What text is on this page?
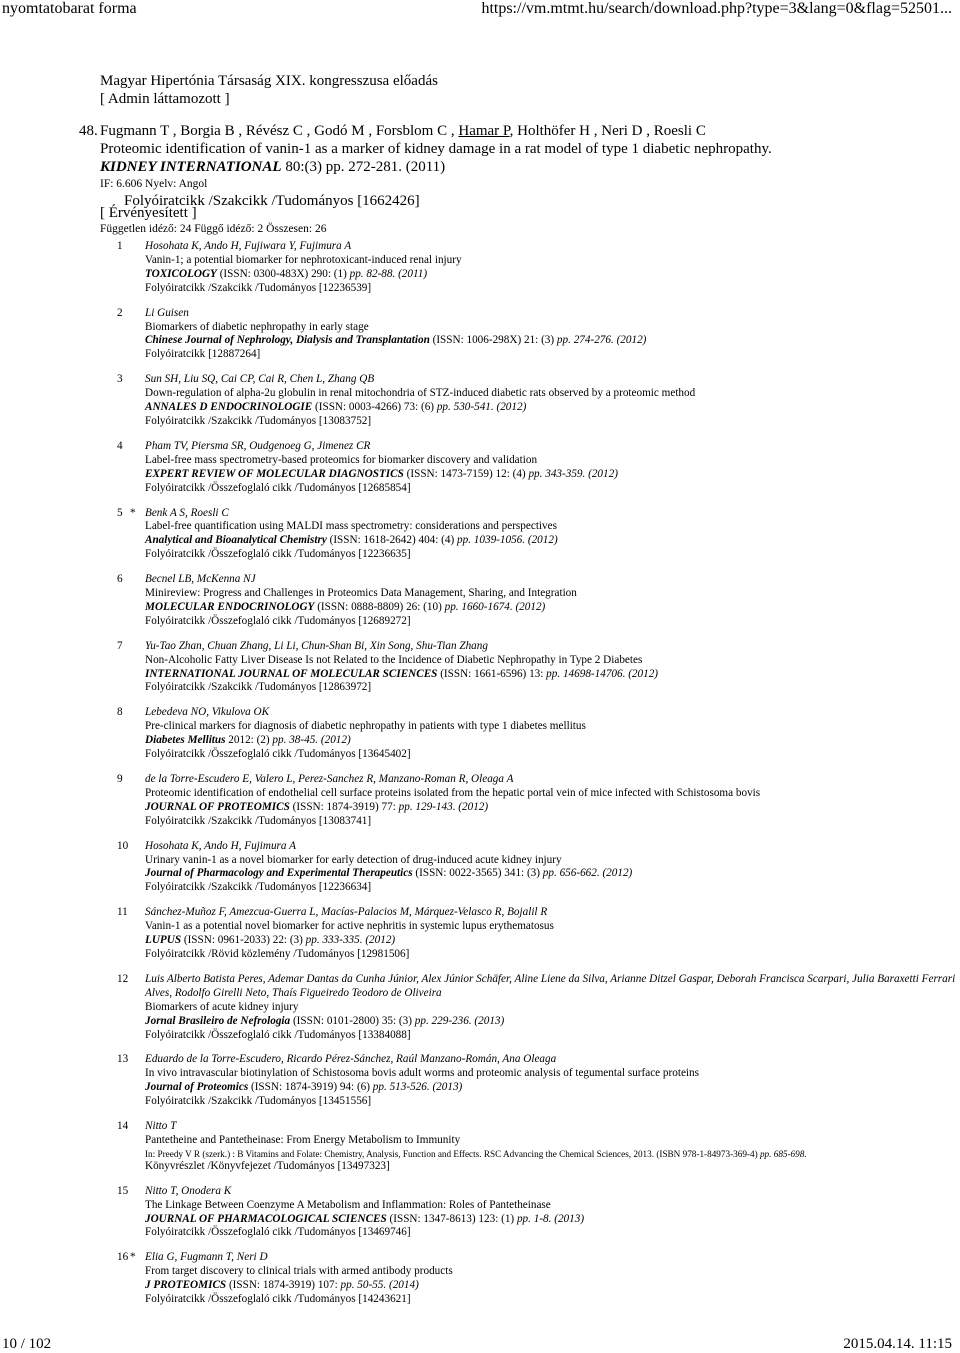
nyomtatobarat forma	https://vm.mtmt.hu/search/download.php?type=3&lang=0&flag=52501...
Magyar Hipertónia Társaság XIX. kongresszusa előadás
[ Admin láttamozott ]
48. Fugmann T , Borgia B , Révész C , Godó M , Forsblom C , Hamar P, Holthöfer H , Neri D , Roesli C
Proteomic identification of vanin-1 as a marker of kidney damage in a rat model of type 1 diabetic nephropathy.
KIDNEY INTERNATIONAL 80:(3) pp. 272-281. (2011)
IF: 6.606 Nyelv: Angol
Folyóiratcikk /Szakcikk /Tudományos [1662426]
[ Érvényesített ]
Független idéző: 24 Függő idéző: 2 Összesen: 26
1	Hosohata K, Ando H, Fujiwara Y, Fujimura A
Vanin-1; a potential biomarker for nephrotoxicant-induced renal injury
TOXICOLOGY (ISSN: 0300-483X) 290: (1) pp. 82-88. (2011)
Folyóiratcikk /Szakcikk /Tudományos [12236539]
2	Li Guisen
Biomarkers of diabetic nephropathy in early stage
Chinese Journal of Nephrology, Dialysis and Transplantation (ISSN: 1006-298X) 21: (3) pp. 274-276. (2012)
Folyóiratcikk [12887264]
3	Sun SH, Liu SQ, Cai CP, Cai R, Chen L, Zhang QB
Down-regulation of alpha-2u globulin in renal mitochondria of STZ-induced diabetic rats observed by a proteomic method
ANNALES D ENDOCRINOLOGIE (ISSN: 0003-4266) 73: (6) pp. 530-541. (2012)
Folyóiratcikk /Szakcikk /Tudományos [13083752]
4	Pham TV, Piersma SR, Oudgenoeg G, Jimenez CR
Label-free mass spectrometry-based proteomics for biomarker discovery and validation
EXPERT REVIEW OF MOLECULAR DIAGNOSTICS (ISSN: 1473-7159) 12: (4) pp. 343-359. (2012)
Folyóiratcikk /Összefoglaló cikk /Tudományos [12685854]
5 * Benk A S, Roesli C
Label-free quantification using MALDI mass spectrometry: considerations and perspectives
Analytical and Bioanalytical Chemistry (ISSN: 1618-2642) 404: (4) pp. 1039-1056. (2012)
Folyóiratcikk /Összefoglaló cikk /Tudományos [12236635]
6	Becnel LB, McKenna NJ
Minireview: Progress and Challenges in Proteomics Data Management, Sharing, and Integration
MOLECULAR ENDOCRINOLOGY (ISSN: 0888-8809) 26: (10) pp. 1660-1674. (2012)
Folyóiratcikk /Összefoglaló cikk /Tudományos [12689272]
7	Yu-Tao Zhan, Chuan Zhang, Li Li, Chun-Shan Bi, Xin Song, Shu-Tian Zhang
Non-Alcoholic Fatty Liver Disease Is not Related to the Incidence of Diabetic Nephropathy in Type 2 Diabetes
INTERNATIONAL JOURNAL OF MOLECULAR SCIENCES (ISSN: 1661-6596) 13: pp. 14698-14706. (2012)
Folyóiratcikk /Szakcikk /Tudományos [12863972]
8	Lebedeva NO, Vikulova OK
Pre-clinical markers for diagnosis of diabetic nephropathy in patients with type 1 diabetes mellitus
Diabetes Mellitus 2012: (2) pp. 38-45. (2012)
Folyóiratcikk /Összefoglaló cikk /Tudományos [13645402]
9	de la Torre-Escudero E, Valero L, Perez-Sanchez R, Manzano-Roman R, Oleaga A
Proteomic identification of endothelial cell surface proteins isolated from the hepatic portal vein of mice infected with Schistosoma bovis
JOURNAL OF PROTEOMICS (ISSN: 1874-3919) 77: pp. 129-143. (2012)
Folyóiratcikk /Szakcikk /Tudományos [13083741]
10	Hosohata K, Ando H, Fujimura A
Urinary vanin-1 as a novel biomarker for early detection of drug-induced acute kidney injury
Journal of Pharmacology and Experimental Therapeutics (ISSN: 0022-3565) 341: (3) pp. 656-662. (2012)
Folyóiratcikk /Szakcikk /Tudományos [12236634]
11	Sánchez-Muñoz F, Amezcua-Guerra L, Macías-Palacios M, Márquez-Velasco R, Bojalil R
Vanin-1 as a potential novel biomarker for active nephritis in systemic lupus erythematosus
LUPUS (ISSN: 0961-2033) 22: (3) pp. 333-335. (2012)
Folyóiratcikk /Rövid közlemény /Tudományos [12981506]
12	Luis Alberto Batista Peres, Ademar Dantas da Cunha Júnior, Alex Júnior Schäfer, Aline Liene da Silva, Arianne Ditzel Gaspar, Deborah Francisca Scarpari, Julia Baraxetti Ferrari Alves, Rodolfo Girelli Neto, Thaís Figueiredo Teodoro de Oliveira
Biomarkers of acute kidney injury
Jornal Brasileiro de Nefrologia (ISSN: 0101-2800) 35: (3) pp. 229-236. (2013)
Folyóiratcikk /Összefoglaló cikk /Tudományos [13384088]
13	Eduardo de la Torre-Escudero, Ricardo Pérez-Sánchez, Raúl Manzano-Román, Ana Oleaga
In vivo intravascular biotinylation of Schistosoma bovis adult worms and proteomic analysis of tegumental surface proteins
Journal of Proteomics (ISSN: 1874-3919) 94: (6) pp. 513-526. (2013)
Folyóiratcikk /Szakcikk /Tudományos [13451556]
14	Nitto T
Pantetheine and Pantetheinase: From Energy Metabolism to Immunity
In: Preedy V R (szerk.) : B Vitamins and Folate: Chemistry, Analysis, Function and Effects. RSC Advancing the Chemical Sciences, 2013. (ISBN 978-1-84973-369-4) pp. 685-698.
Könyvrészlet /Könyvfejezet /Tudományos [13497323]
15	Nitto T, Onodera K
The Linkage Between Coenzyme A Metabolism and Inflammation: Roles of Pantetheinase
JOURNAL OF PHARMACOLOGICAL SCIENCES (ISSN: 1347-8613) 123: (1) pp. 1-8. (2013)
Folyóiratcikk /Összefoglaló cikk /Tudományos [13469746]
16 * Elia G, Fugmann T, Neri D
From target discovery to clinical trials with armed antibody products
J PROTEOMICS (ISSN: 1874-3919) 107: pp. 50-55. (2014)
Folyóiratcikk /Összefoglaló cikk /Tudományos [14243621]
10 / 102	2015.04.14. 11:15
